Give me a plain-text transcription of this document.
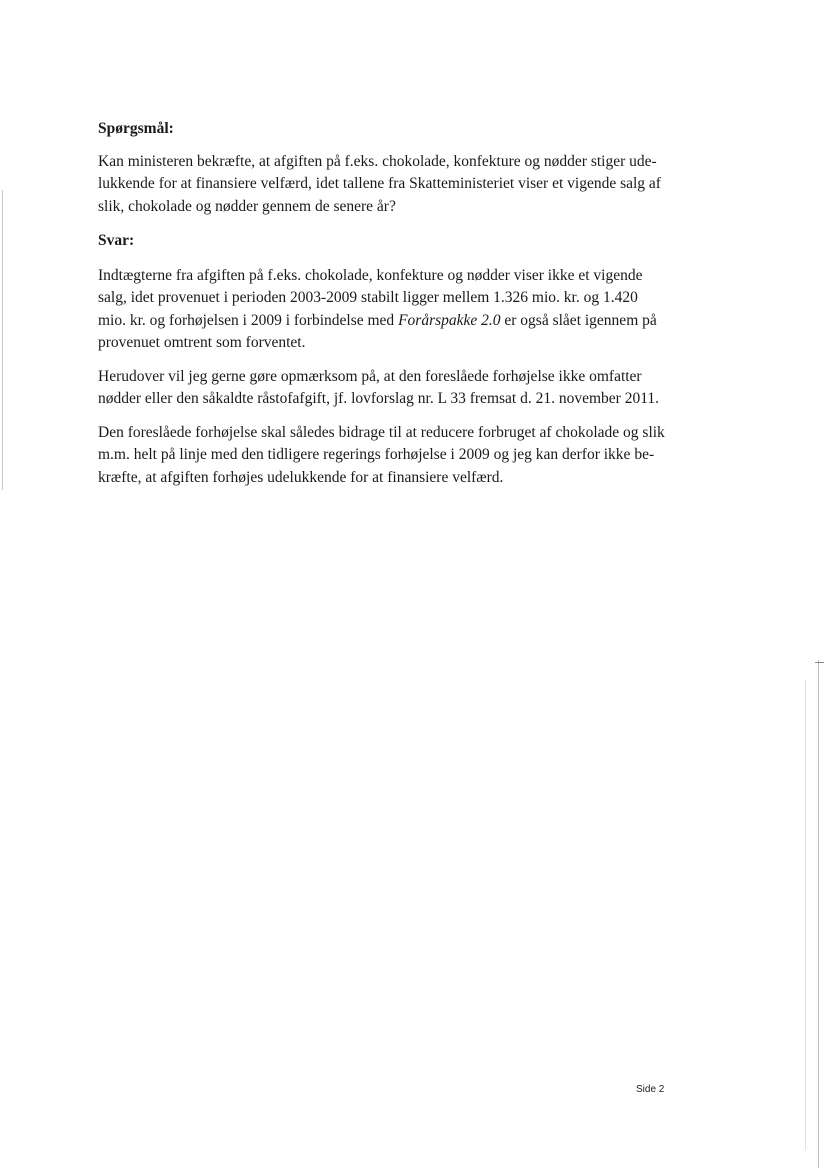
Spørgsmål:

Kan ministeren bekræfte, at afgiften på f.eks. chokolade, konfekture og nødder stiger ude-
lukkende for at finansiere velfærd, idet tallene fra Skatteministeriet viser et vigende salg af
slik, chokolade og nødder gennem de senere år?

Svar:

Indtægterne fra afgiften på f.eks. chokolade, konfekture og nødder viser ikke et vigende
salg, idet provenuet i perioden 2003-2009 stabilt ligger mellem 1.326 mio. kr. og 1.420
mio. kr. og forhøjelsen i 2009 i forbindelse med Forårspakke 2.0 er også slået igennem på
provenuet omtrent som forventet.

Herudover vil jeg gerne gøre opmærksom på, at den foreslåede forhøjelse ikke omfatter
nødder eller den såkaldte råstofafgift, jf. lovforslag nr. L 33 fremsat d. 21. november 2011.

Den foreslåede forhøjelse skal således bidrage til at reducere forbruget af chokolade og slik
m.m. helt på linje med den tidligere regerings forhøjelse i 2009 og jeg kan derfor ikke be-
kræfte, at afgiften forhøjes udelukkende for at finansiere velfærd.

Side 2
